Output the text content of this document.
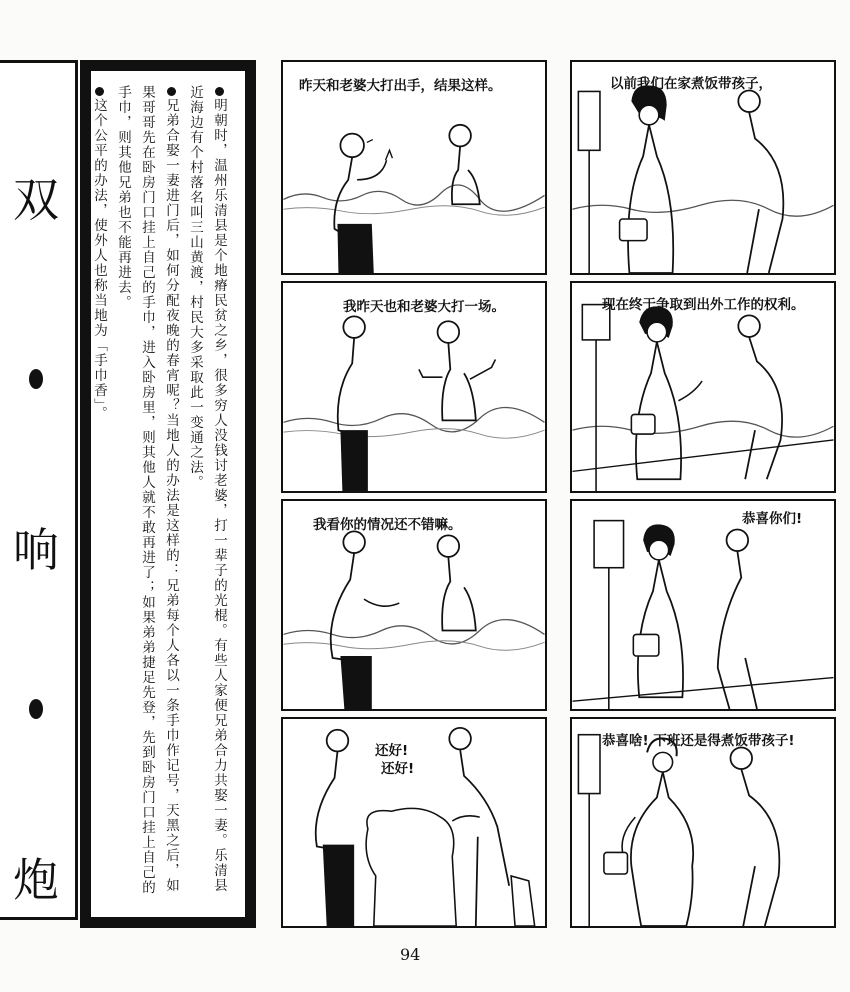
双
响
炮	明朝时，温州乐清县是个地瘠民贫之乡，很多穷人没钱讨老婆，打一辈子的光棍。有些人家便兄弟合力共娶一妻。乐清县近海边有个村落名叫三山黄渡，村民大多采取此一变通之法。

兄弟合娶一妻进门后，如何分配夜晚的春宵呢？当地人的办法是这样的：兄弟每个人各以一条手巾作记号，天黑之后，如果哥哥先在卧房门口挂上自己的手巾，进入卧房里，则其他人就不敢再进了；如果弟弟捷足先登，先到卧房门口挂上自己的手巾，则其他兄弟也不能再进去。

这个公平的办法，使外人也称当地为「手巾香」。

昨天和老婆大打出手，结果这样。
我昨天也和老婆大打一场。
我看你的情况还不错嘛。
还好!
还好!
以前我们在家煮饭带孩子，
现在终于争取到出外工作的权利。
恭喜你们!
恭喜啥! 下班还是得煮饭带孩子!
94
